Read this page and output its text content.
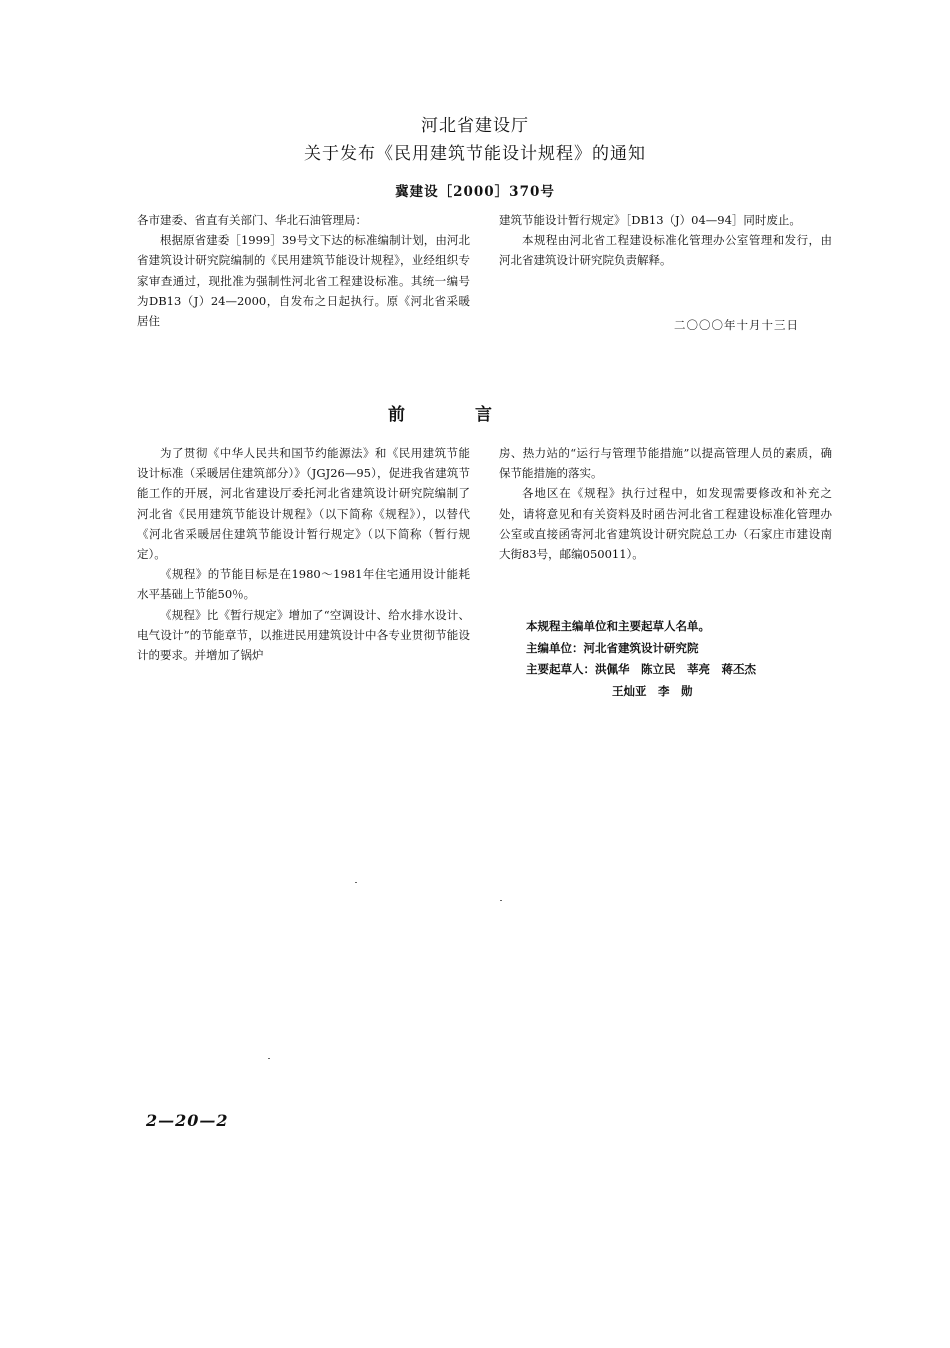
河北省建设厅
关于发布《民用建筑节能设计规程》的通知
冀建设［2000］370号

各市建委、省直有关部门、华北石油管理局：

根据原省建委［1999］39号文下达的标准编制计划，由河北省建筑设计研究院编制的《民用建筑节能设计规程》，业经组织专家审查通过，现批准为强制性河北省工程建设标准。其统一编号为DB13（J）24—2000，自发布之日起执行。原《河北省采暖居住

建筑节能设计暂行规定》［DB13（J）04—94］同时废止。

本规程由河北省工程建设标准化管理办公室管理和发行，由河北省建筑设计研究院负责解释。

二〇〇〇年十月十三日
前言

为了贯彻《中华人民共和国节约能源法》和《民用建筑节能设计标准（采暖居住建筑部分）》（JGJ26—95），促进我省建筑节能工作的开展，河北省建设厅委托河北省建筑设计研究院编制了河北省《民用建筑节能设计规程》（以下简称《规程》），以替代《河北省采暖居住建筑节能设计暂行规定》（以下简称（暂行规定）。

《规程》的节能目标是在1980～1981年住宅通用设计能耗水平基础上节能50％。

《规程》比《暂行规定》增加了“空调设计、给水排水设计、电气设计”的节能章节，以推进民用建筑设计中各专业贯彻节能设计的要求。并增加了锅炉

房、热力站的“运行与管理节能措施”以提高管理人员的素质，确保节能措施的落实。

各地区在《规程》执行过程中，如发现需要修改和补充之处，请将意见和有关资料及时函告河北省工程建设标准化管理办公室或直接函寄河北省建筑设计研究院总工办（石家庄市建设南大街83号，邮编050011）。

本规程主编单位和主要起草人名单。

主编单位：河北省建筑设计研究院

主要起草人：洪佩华　陈立民　莘亮　蒋丕杰

王灿亚　李　勋

2—20—2
